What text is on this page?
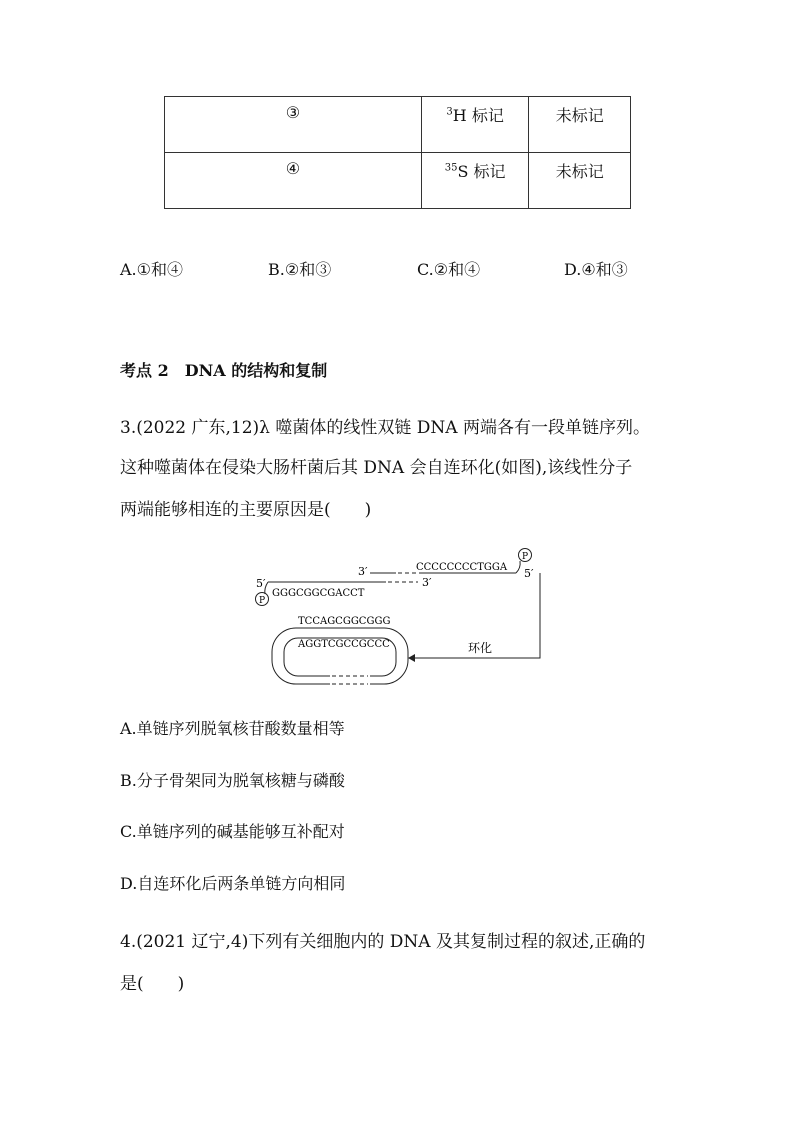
③	$^3$H 标记	未标记
④	$^{35}$S 标记	未标记
A.①和④	B.②和③	C.②和④	D.④和③
考点 2　DNA 的结构和复制
3.(2022 广东,12)λ 噬菌体的线性双链 DNA 两端各有一段单链序列。
这种噬菌体在侵染大肠杆菌后其 DNA 会自连环化(如图),该线性分子
两端能够相连的主要原因是(　　)
3′	CCCCCCCCTGGA
P
5′
5′	3′
GGGCGGCGACCT
P
环化
TCCAGCGGCGGG
AGGTCGCCGCCC
A.单链序列脱氧核苷酸数量相等
B.分子骨架同为脱氧核糖与磷酸
C.单链序列的碱基能够互补配对
D.自连环化后两条单链方向相同
4.(2021 辽宁,4)下列有关细胞内的 DNA 及其复制过程的叙述,正确的
是(　　)
